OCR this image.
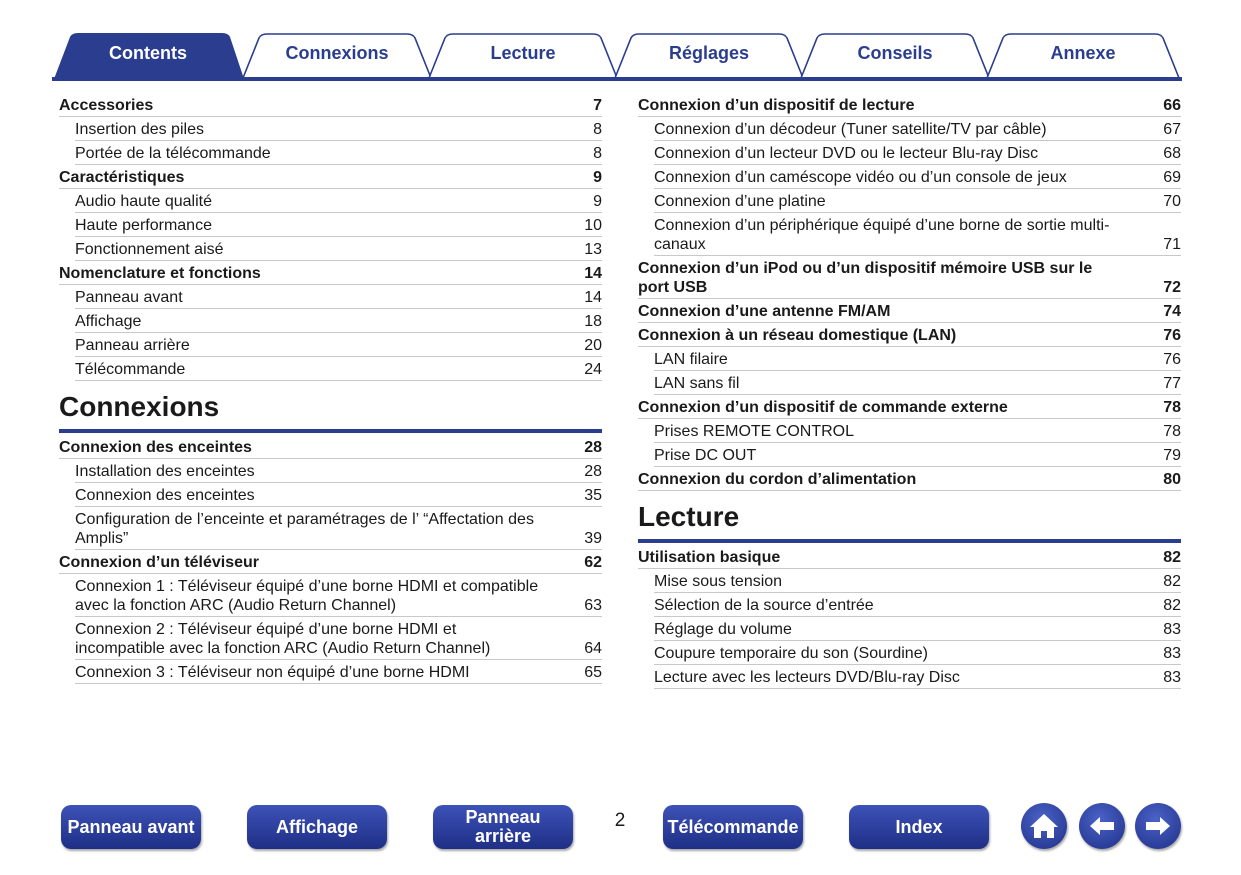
Contents	Connexions	Lecture	Réglages	Conseils	Annexe
Accessories	7
Insertion des piles	8
Portée de la télécommande	8
Caractéristiques	9
Audio haute qualité	9
Haute performance	10
Fonctionnement aisé	13
Nomenclature et fonctions	14
Panneau avant	14
Affichage	18
Panneau arrière	20
Télécommande	24
Connexions
Connexion des enceintes	28
Installation des enceintes	28
Connexion des enceintes	35
Configuration de l’enceinte et paramétrages de l’ “Affectation des Amplis”	39
Connexion d’un téléviseur	62
Connexion 1 : Téléviseur équipé d’une borne HDMI et compatible avec la fonction ARC (Audio Return Channel)	63
Connexion 2 : Téléviseur équipé d’une borne HDMI et incompatible avec la fonction ARC (Audio Return Channel)	64
Connexion 3 : Téléviseur non équipé d’une borne HDMI	65
Connexion d’un dispositif de lecture	66
Connexion d’un décodeur (Tuner satellite/TV par câble)	67
Connexion d’un lecteur DVD ou le lecteur Blu-ray Disc	68
Connexion d’un caméscope vidéo ou d’un console de jeux	69
Connexion d’une platine	70
Connexion d’un périphérique équipé d’une borne de sortie multi-canaux	71
Connexion d’un iPod ou d’un dispositif mémoire USB sur le port USB	72
Connexion d’une antenne FM/AM	74
Connexion à un réseau domestique (LAN)	76
LAN filaire	76
LAN sans fil	77
Connexion d’un dispositif de commande externe	78
Prises REMOTE CONTROL	78
Prise DC OUT	79
Connexion du cordon d’alimentation	80
Lecture
Utilisation basique	82
Mise sous tension	82
Sélection de la source d’entrée	82
Réglage du volume	83
Coupure temporaire du son (Sourdine)	83
Lecture avec les lecteurs DVD/Blu-ray Disc	83
Panneau avant	Affichage	Panneau
arrière
2	Télécommande	Index
